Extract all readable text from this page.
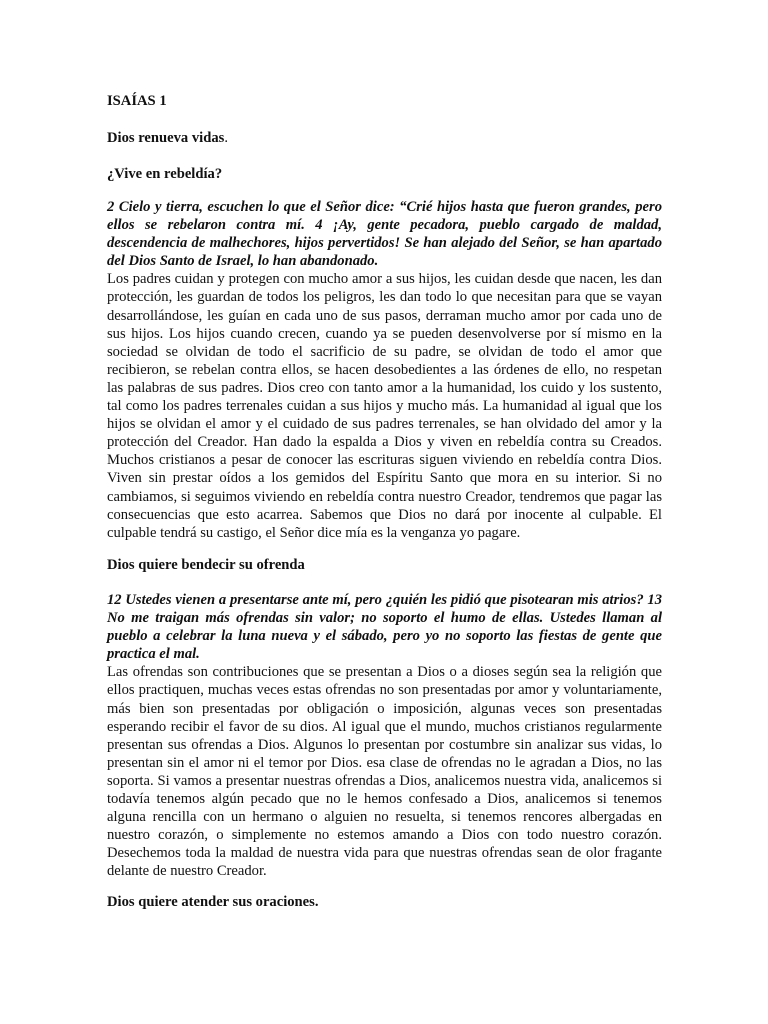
ISAÍAS 1

Dios renueva vidas.

¿Vive en rebeldía?

2 Cielo y tierra, escuchen lo que el Señor dice: “Crié hijos hasta que fueron grandes, pero ellos se rebelaron contra mí. 4 ¡Ay, gente pecadora, pueblo cargado de maldad, descendencia de malhechores, hijos pervertidos! Se han alejado del Señor, se han apartado del Dios Santo de Israel, lo han abandonado.

Los padres cuidan y protegen con mucho amor a sus hijos, les cuidan desde que nacen, les dan protección, les guardan de todos los peligros, les dan todo lo que necesitan para que se vayan desarrollándose, les guían en cada uno de sus pasos, derraman mucho amor por cada uno de sus hijos. Los hijos cuando crecen, cuando ya se pueden desenvolverse por sí mismo en la sociedad se olvidan de todo el sacrificio de su padre, se olvidan de todo el amor que recibieron, se rebelan contra ellos, se hacen desobedientes a las órdenes de ello, no respetan las palabras de sus padres. Dios creo con tanto amor a la humanidad, los cuido y los sustento, tal como los padres terrenales cuidan a sus hijos y mucho más. La humanidad al igual que los hijos se olvidan el amor y el cuidado de sus padres terrenales, se han olvidado del amor y la protección del Creador. Han dado la espalda a Dios y viven en rebeldía contra su Creados. Muchos cristianos a pesar de conocer las escrituras siguen viviendo en rebeldía contra Dios. Viven sin prestar oídos a los gemidos del Espíritu Santo que mora en su interior. Si no cambiamos, si seguimos viviendo en rebeldía contra nuestro Creador, tendremos que pagar las consecuencias que esto acarrea. Sabemos que Dios no dará por inocente al culpable. El culpable tendrá su castigo, el Señor dice mía es la venganza yo pagare.

Dios quiere bendecir su ofrenda

12 Ustedes vienen a presentarse ante mí, pero ¿quién les pidió que pisotearan mis atrios? 13 No me traigan más ofrendas sin valor; no soporto el humo de ellas. Ustedes llaman al pueblo a celebrar la luna nueva y el sábado, pero yo no soporto las fiestas de gente que practica el mal.

Las ofrendas son contribuciones que se presentan a Dios o a dioses según sea la religión que ellos practiquen, muchas veces estas ofrendas no son presentadas por amor y voluntariamente, más bien son presentadas por obligación o imposición, algunas veces son presentadas esperando recibir el favor de su dios. Al igual que el mundo, muchos cristianos regularmente presentan sus ofrendas a Dios. Algunos lo presentan por costumbre sin analizar sus vidas, lo presentan sin el amor ni el temor por Dios. esa clase de ofrendas no le agradan a Dios, no las soporta. Si vamos a presentar nuestras ofrendas a Dios, analicemos nuestra vida, analicemos si todavía tenemos algún pecado que no le hemos confesado a Dios, analicemos si tenemos alguna rencilla con un hermano o alguien no resuelta, si tenemos rencores albergadas en nuestro corazón, o simplemente no estemos amando a Dios con todo nuestro corazón. Desechemos toda la maldad de nuestra vida para que nuestras ofrendas sean de olor fragante delante de nuestro Creador.

Dios quiere atender sus oraciones.
